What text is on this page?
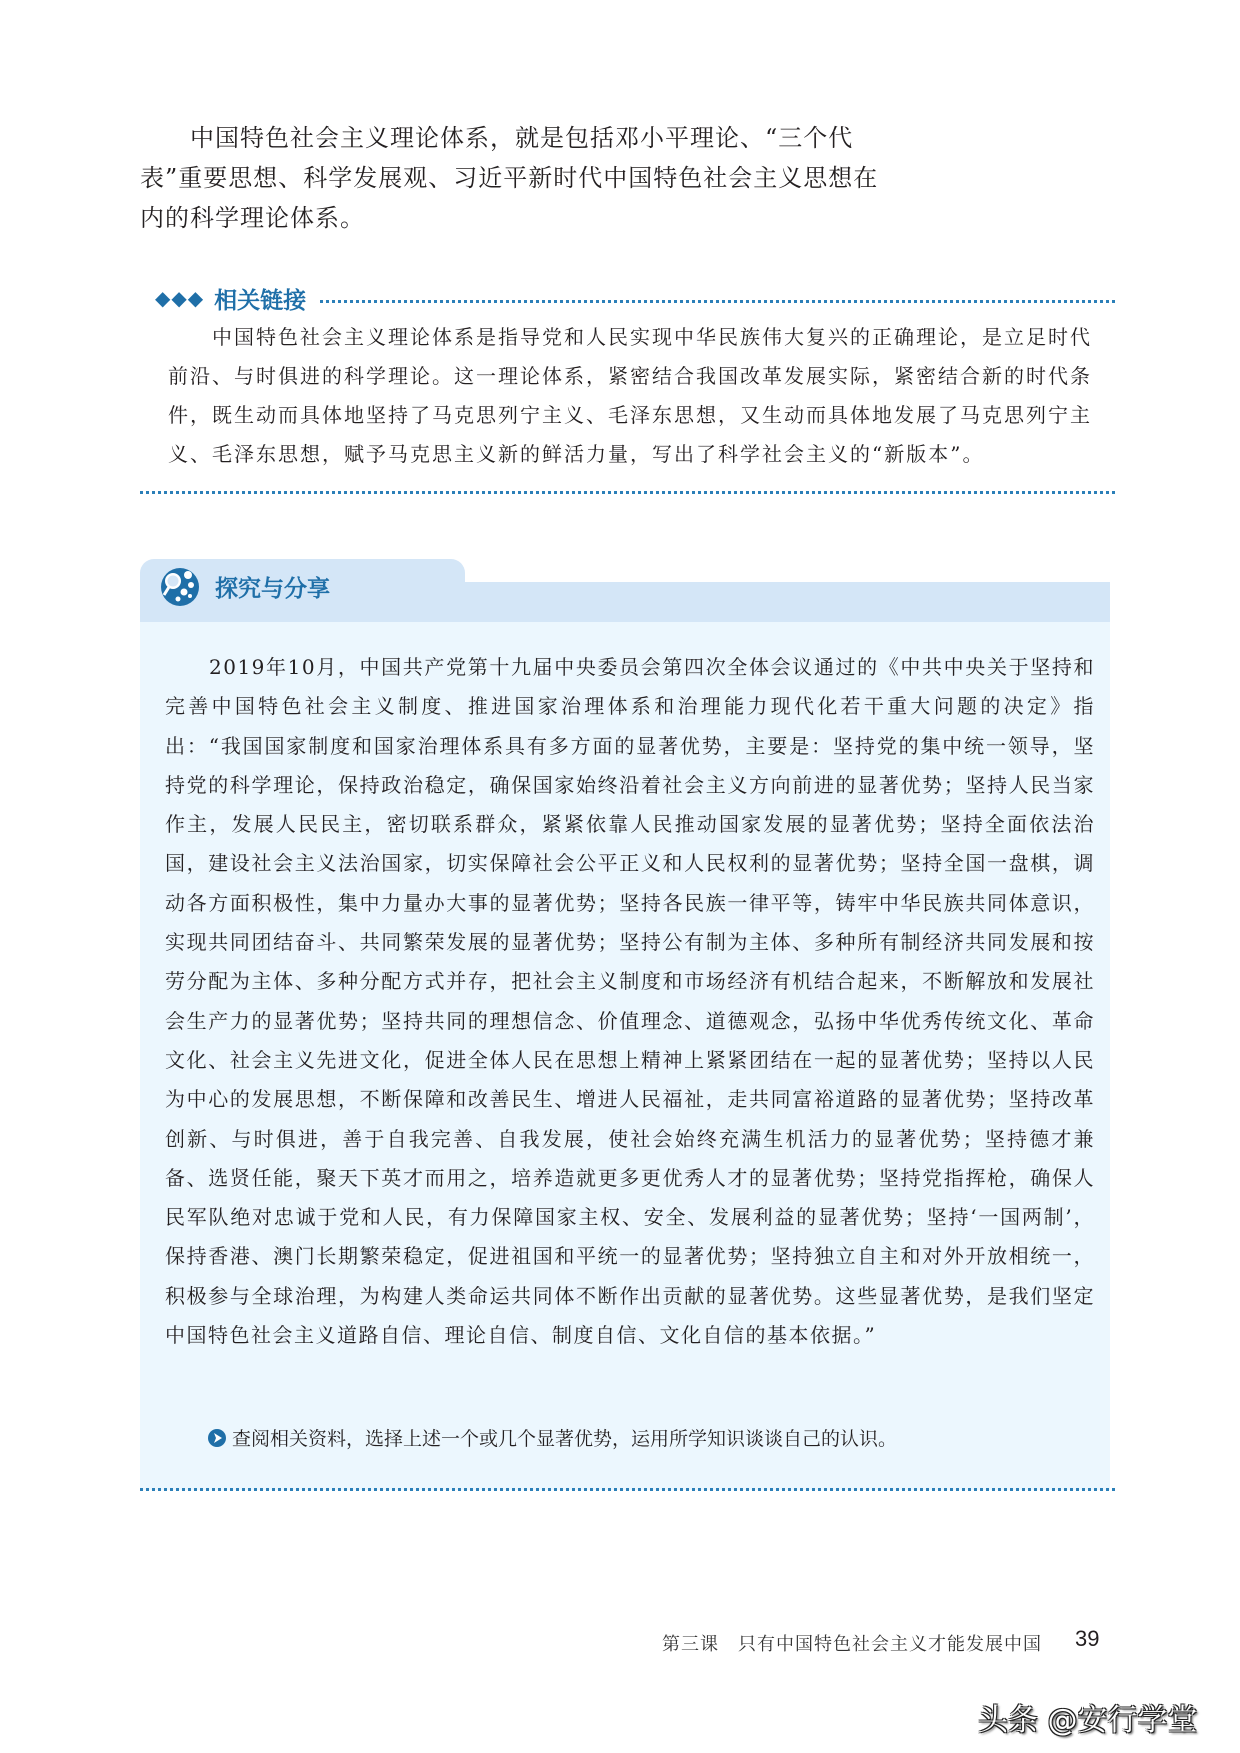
中国特色社会主义理论体系，就是包括邓小平理论、“三个代表”重要思想、科学发展观、习近平新时代中国特色社会主义思想在内的科学理论体系。

◆◆◆ 相关链接

中国特色社会主义理论体系是指导党和人民实现中华民族伟大复兴的正确理论，是立足时代前沿、与时俱进的科学理论。这一理论体系，紧密结合我国改革发展实际，紧密结合新的时代条件，既生动而具体地坚持了马克思列宁主义、毛泽东思想，又生动而具体地发展了马克思列宁主义、毛泽东思想，赋予马克思主义新的鲜活力量，写出了科学社会主义的“新版本”。

探究与分享

2019年10月，中国共产党第十九届中央委员会第四次全体会议通过的《中共中央关于坚持和完善中国特色社会主义制度、推进国家治理体系和治理能力现代化若干重大问题的决定》指出：“我国国家制度和国家治理体系具有多方面的显著优势，主要是：坚持党的集中统一领导，坚持党的科学理论，保持政治稳定，确保国家始终沿着社会主义方向前进的显著优势；坚持人民当家作主，发展人民民主，密切联系群众，紧紧依靠人民推动国家发展的显著优势；坚持全面依法治国，建设社会主义法治国家，切实保障社会公平正义和人民权利的显著优势；坚持全国一盘棋，调动各方面积极性，集中力量办大事的显著优势；坚持各民族一律平等，铸牢中华民族共同体意识，实现共同团结奋斗、共同繁荣发展的显著优势；坚持公有制为主体、多种所有制经济共同发展和按劳分配为主体、多种分配方式并存，把社会主义制度和市场经济有机结合起来，不断解放和发展社会生产力的显著优势；坚持共同的理想信念、价值理念、道德观念，弘扬中华优秀传统文化、革命文化、社会主义先进文化，促进全体人民在思想上精神上紧紧团结在一起的显著优势；坚持以人民为中心的发展思想，不断保障和改善民生、增进人民福祉，走共同富裕道路的显著优势；坚持改革创新、与时俱进，善于自我完善、自我发展，使社会始终充满生机活力的显著优势；坚持德才兼备、选贤任能，聚天下英才而用之，培养造就更多更优秀人才的显著优势；坚持党指挥枪，确保人民军队绝对忠诚于党和人民，有力保障国家主权、安全、发展利益的显著优势；坚持‘一国两制’，保持香港、澳门长期繁荣稳定，促进祖国和平统一的显著优势；坚持独立自主和对外开放相统一，积极参与全球治理，为构建人类命运共同体不断作出贡献的显著优势。这些显著优势，是我们坚定中国特色社会主义道路自信、理论自信、制度自信、文化自信的基本依据。”

查阅相关资料，选择上述一个或几个显著优势，运用所学知识谈谈自己的认识。
第三课　只有中国特色社会主义才能发展中国 39
头条 @安行学堂
